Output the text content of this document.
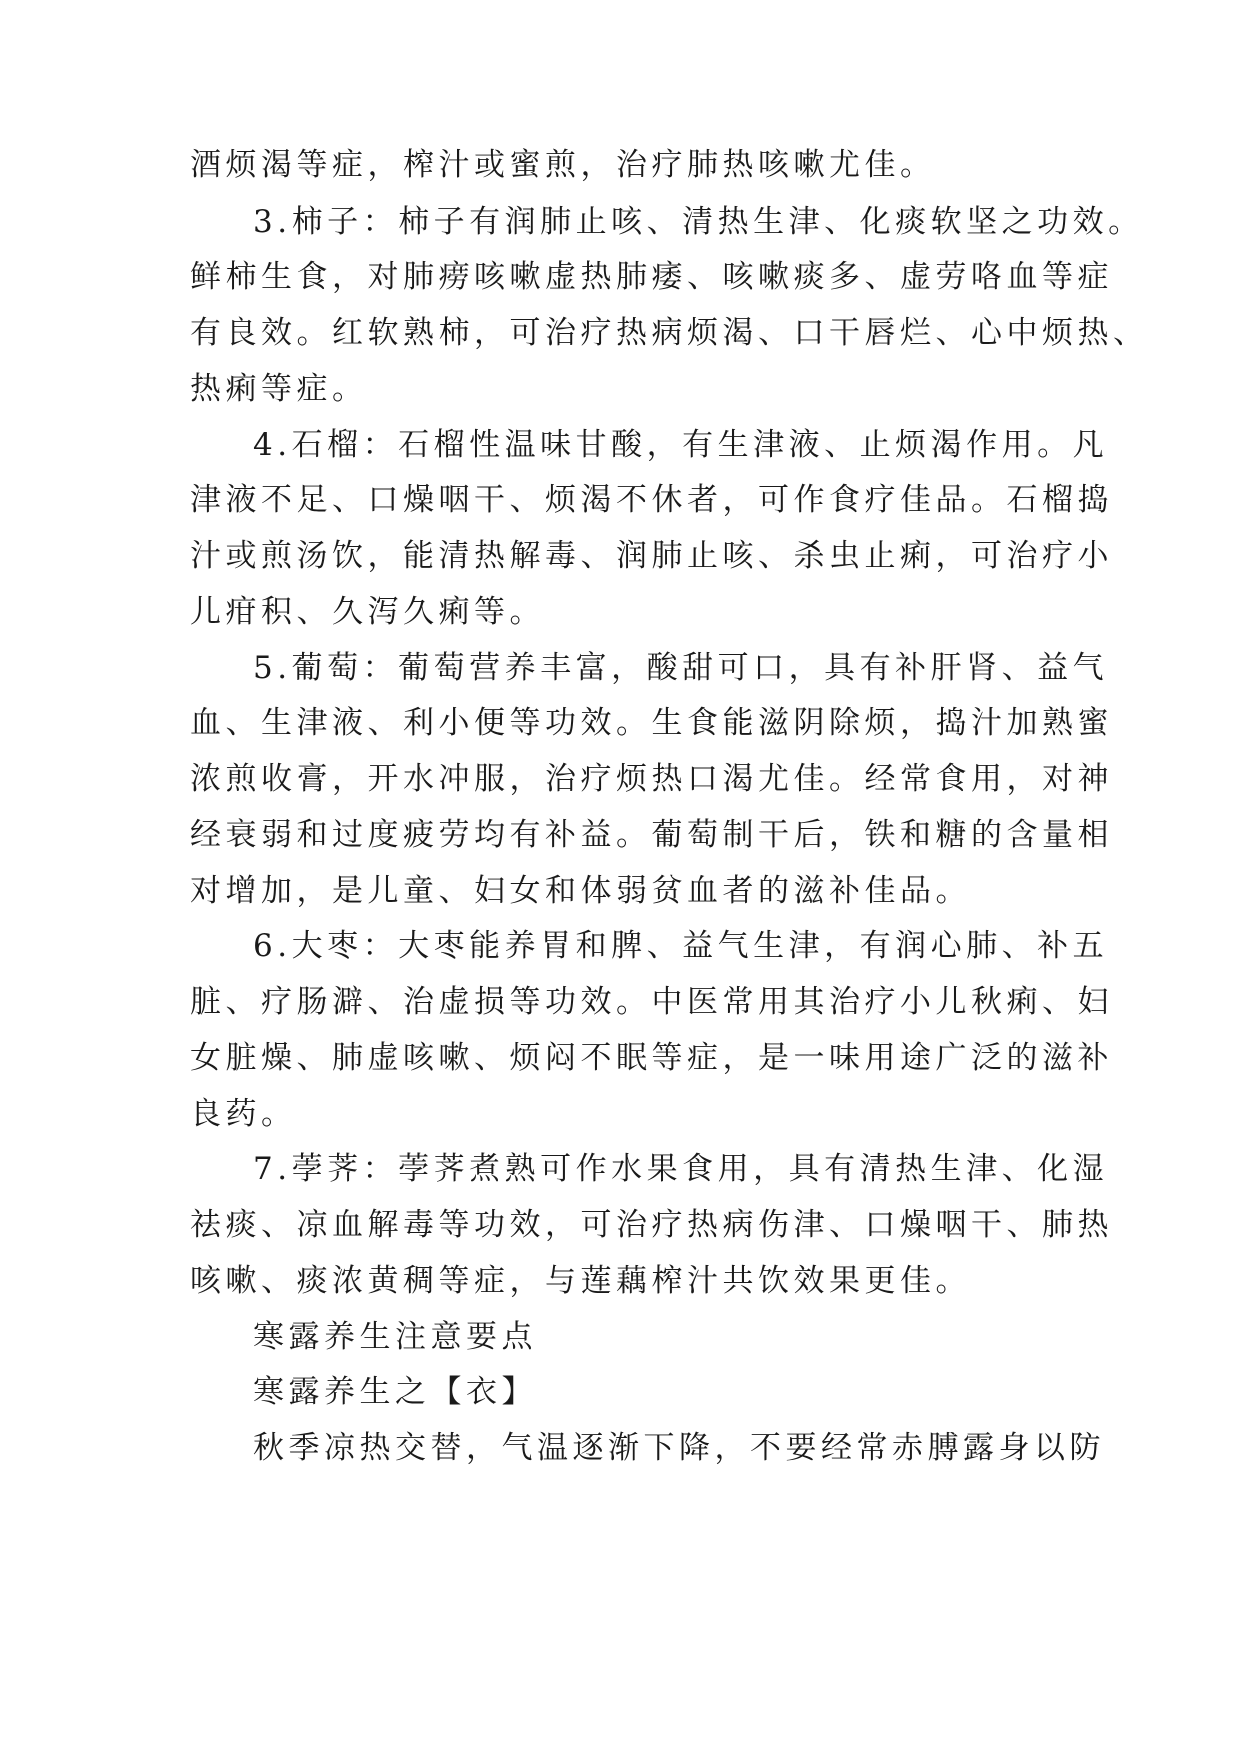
酒烦渴等症，榨汁或蜜煎，治疗肺热咳嗽尤佳。
3.柿子：柿子有润肺止咳、清热生津、化痰软坚之功效。
鲜柿生食，对肺痨咳嗽虚热肺痿、咳嗽痰多、虚劳咯血等症
有良效。红软熟柿，可治疗热病烦渴、口干唇烂、心中烦热、
热痢等症。
4.石榴：石榴性温味甘酸，有生津液、止烦渴作用。凡
津液不足、口燥咽干、烦渴不休者，可作食疗佳品。石榴捣
汁或煎汤饮，能清热解毒、润肺止咳、杀虫止痢，可治疗小
儿疳积、久泻久痢等。
5.葡萄：葡萄营养丰富，酸甜可口，具有补肝肾、益气
血、生津液、利小便等功效。生食能滋阴除烦，捣汁加熟蜜
浓煎收膏，开水冲服，治疗烦热口渴尤佳。经常食用，对神
经衰弱和过度疲劳均有补益。葡萄制干后，铁和糖的含量相
对增加，是儿童、妇女和体弱贫血者的滋补佳品。
6.大枣：大枣能养胃和脾、益气生津，有润心肺、补五
脏、疗肠澼、治虚损等功效。中医常用其治疗小儿秋痢、妇
女脏燥、肺虚咳嗽、烦闷不眠等症，是一味用途广泛的滋补
良药。
7.荸荠：荸荠煮熟可作水果食用，具有清热生津、化湿
祛痰、凉血解毒等功效，可治疗热病伤津、口燥咽干、肺热
咳嗽、痰浓黄稠等症，与莲藕榨汁共饮效果更佳。
寒露养生注意要点
寒露养生之【衣】
秋季凉热交替，气温逐渐下降，不要经常赤膊露身以防
